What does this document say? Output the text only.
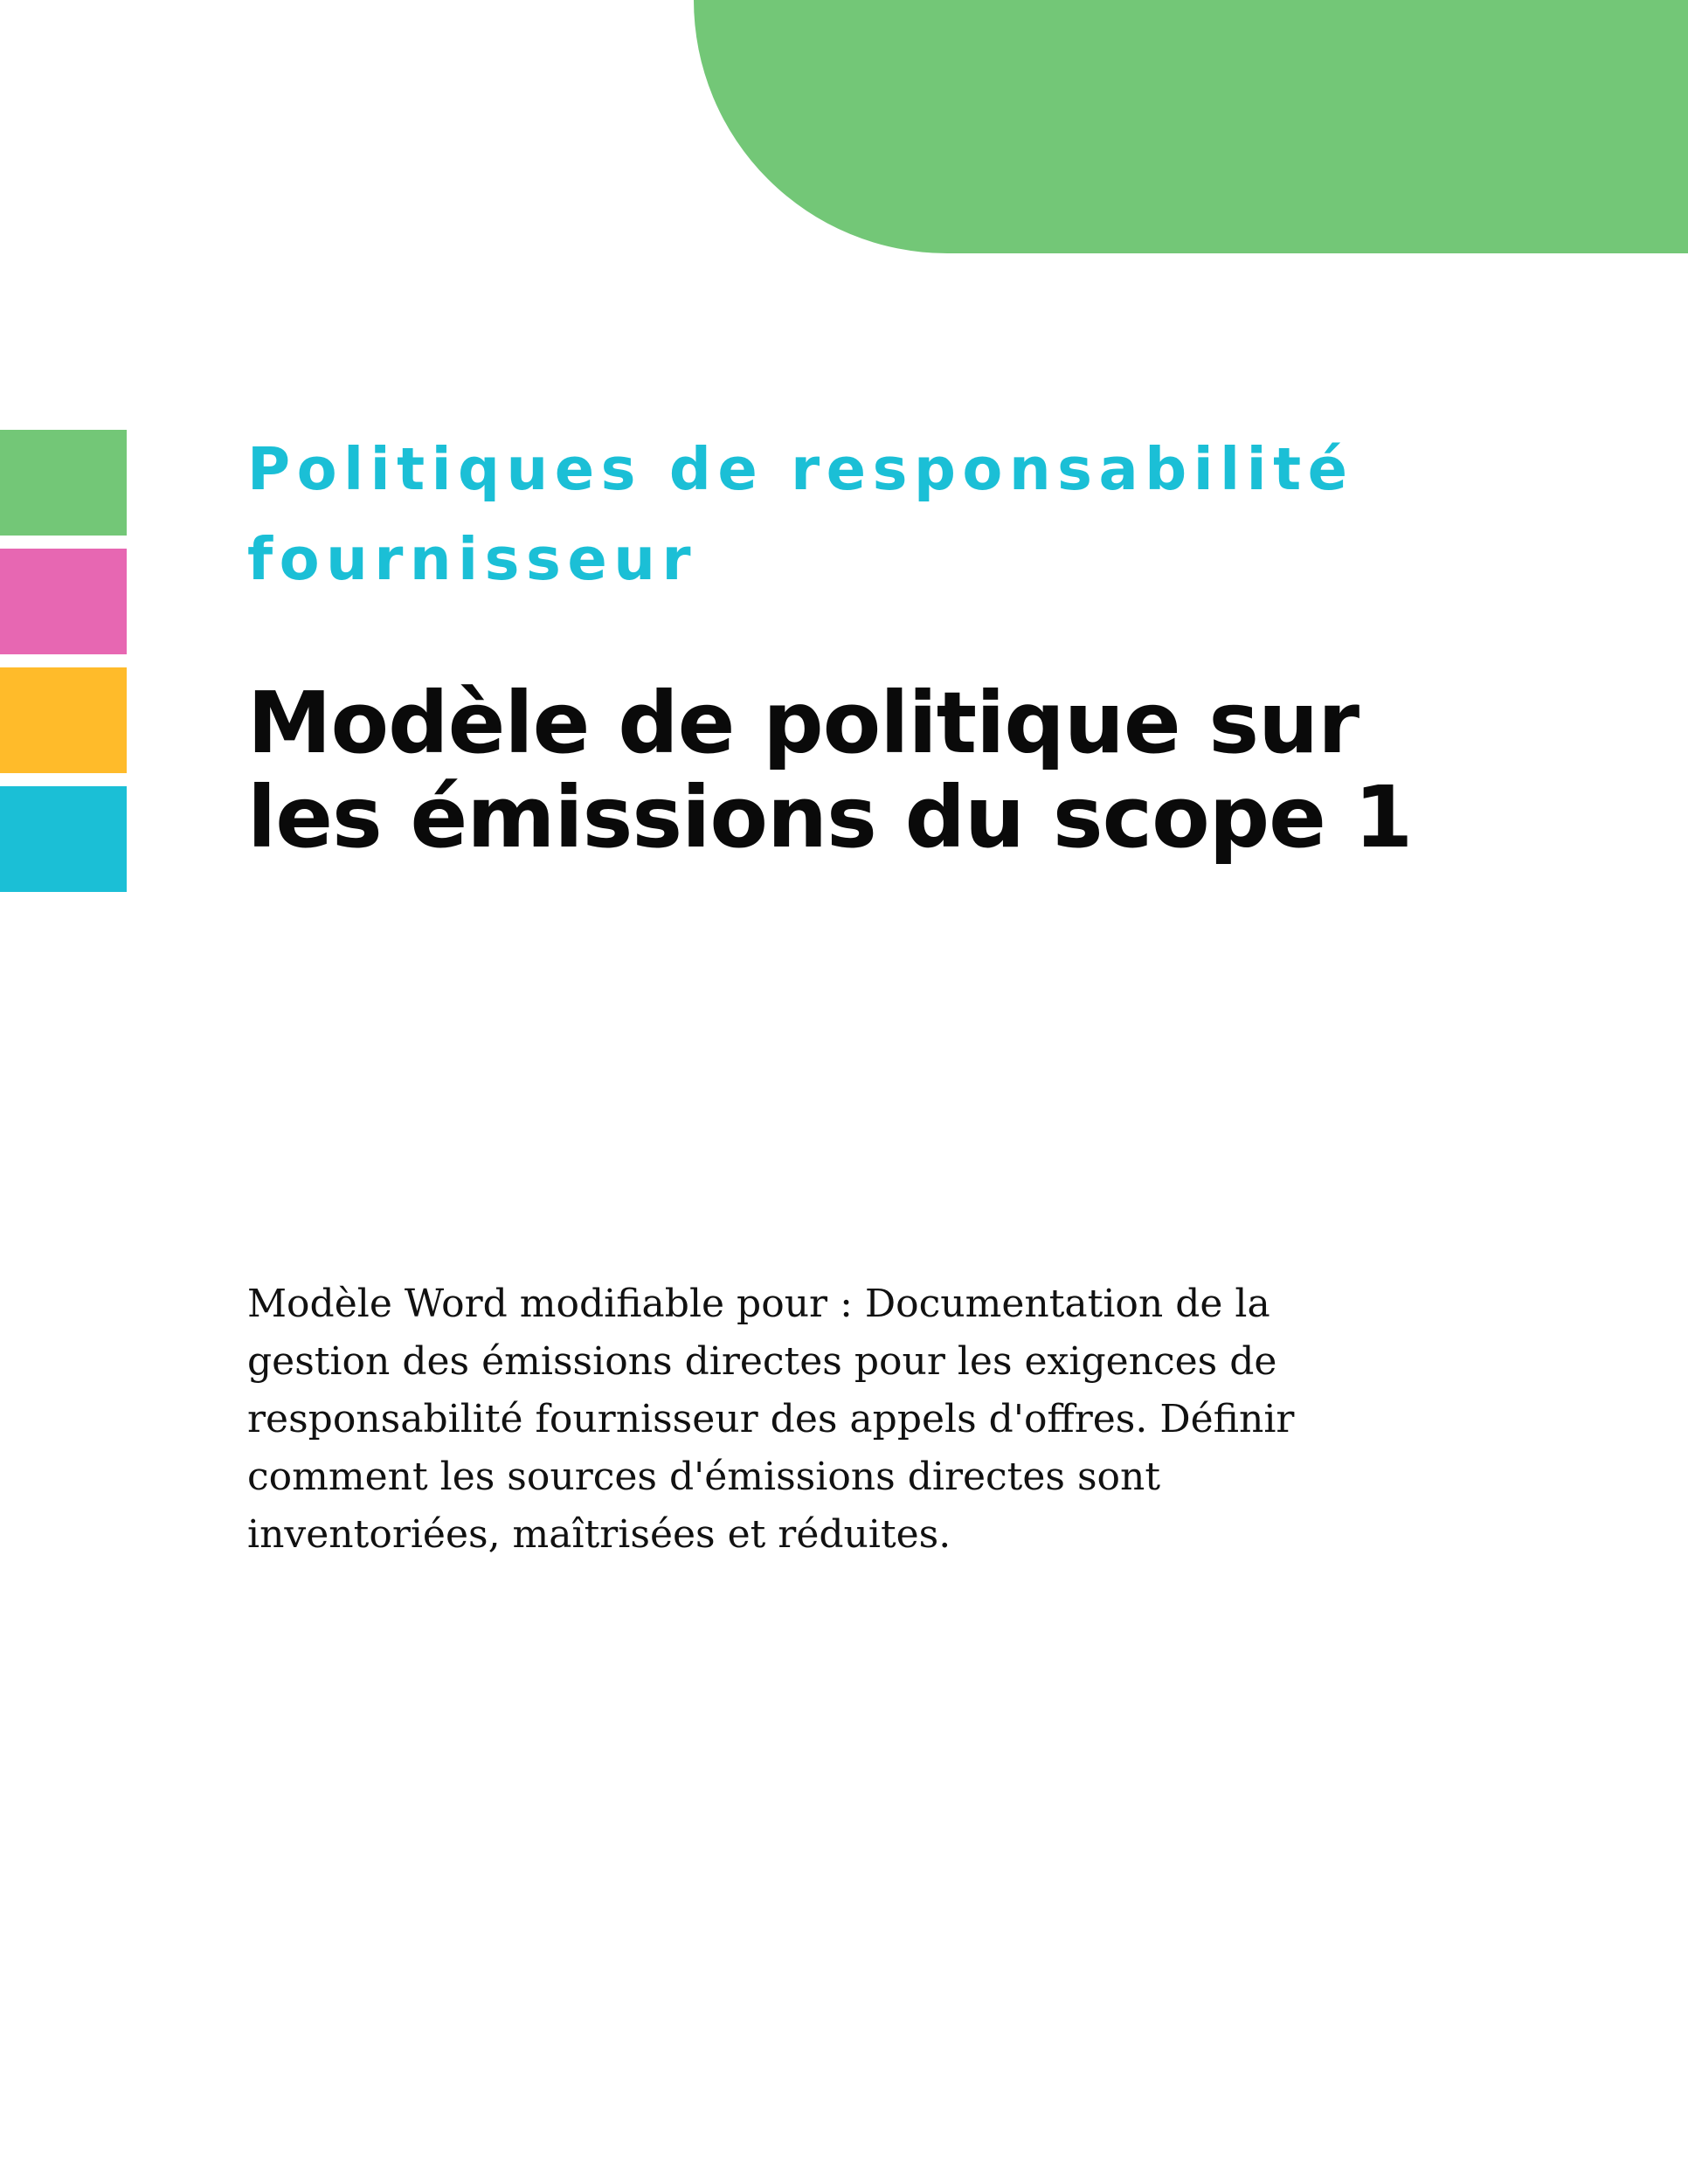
Politiques de responsabilité
fournisseur
Modèle de politique sur
les émissions du scope 1

Modèle Word modifiable pour : Documentation de la
gestion des émissions directes pour les exigences de
responsabilité fournisseur des appels d'offres. Définir
comment les sources d'émissions directes sont
inventoriées, maîtrisées et réduites.
